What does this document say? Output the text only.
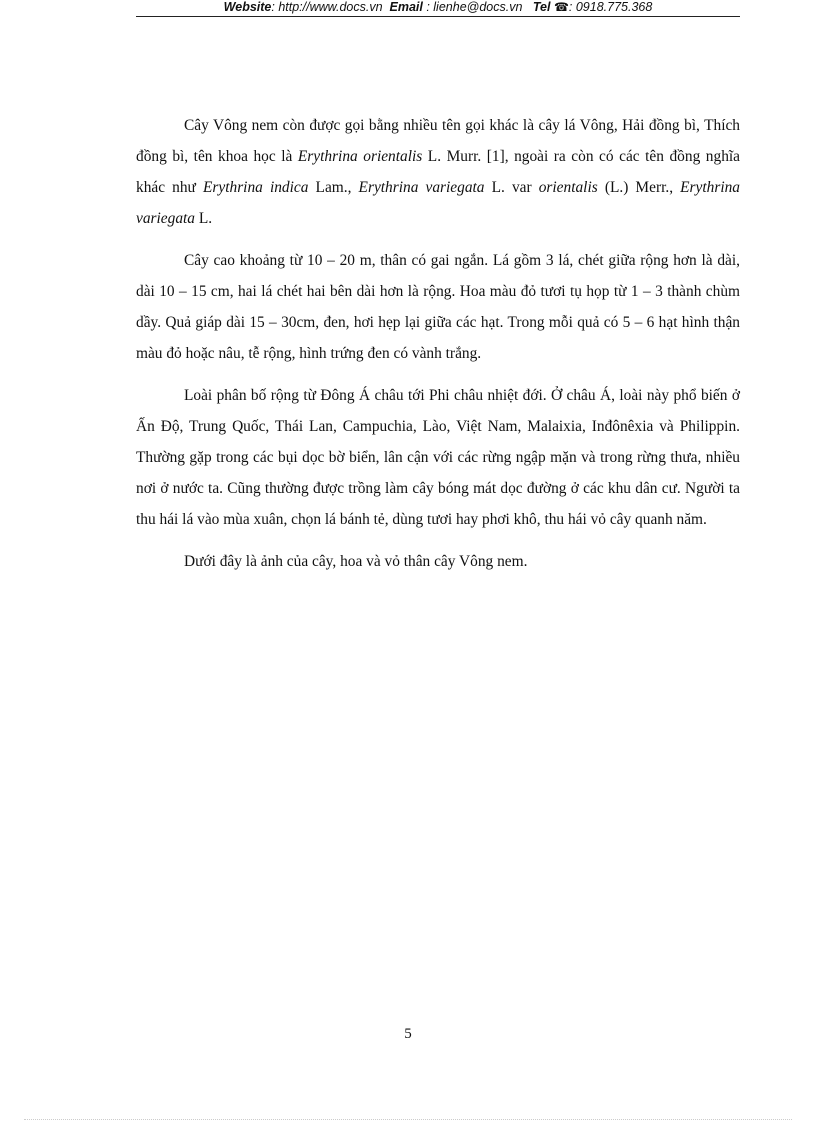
Website: http://www.docs.vn Email : lienhe@docs.vn Tel ☎: 0918.775.368

Cây Vông nem còn được gọi bằng nhiều tên gọi khác là cây lá Vông, Hải đồng bì, Thích đồng bì, tên khoa học là Erythrina orientalis L. Murr. [1], ngoài ra còn có các tên đồng nghĩa khác như Erythrina indica Lam., Erythrina variegata L. var orientalis (L.) Merr., Erythrina variegata L.

Cây cao khoảng từ 10 – 20 m, thân có gai ngắn. Lá gồm 3 lá, chét giữa rộng hơn là dài, dài 10 – 15 cm, hai lá chét hai bên dài hơn là rộng. Hoa màu đỏ tươi tụ họp từ 1 – 3 thành chùm dầy. Quả giáp dài 15 – 30cm, đen, hơi hẹp lại giữa các hạt. Trong mỗi quả có 5 – 6 hạt hình thận màu đỏ hoặc nâu, tễ rộng, hình trứng đen có vành trắng.

Loài phân bố rộng từ Đông Á châu tới Phi châu nhiệt đới. Ở châu Á, loài này phổ biến ở Ấn Độ, Trung Quốc, Thái Lan, Campuchia, Lào, Việt Nam, Malaixia, Inđônêxia và Philippin. Thường gặp trong các bụi dọc bờ biển, lân cận với các rừng ngập mặn và trong rừng thưa, nhiều nơi ở nước ta. Cũng thường được trồng làm cây bóng mát dọc đường ở các khu dân cư. Người ta thu hái lá vào mùa xuân, chọn lá bánh tẻ, dùng tươi hay phơi khô, thu hái vỏ cây quanh năm.

Dưới đây là ảnh của cây, hoa và vỏ thân cây Vông nem.

5
